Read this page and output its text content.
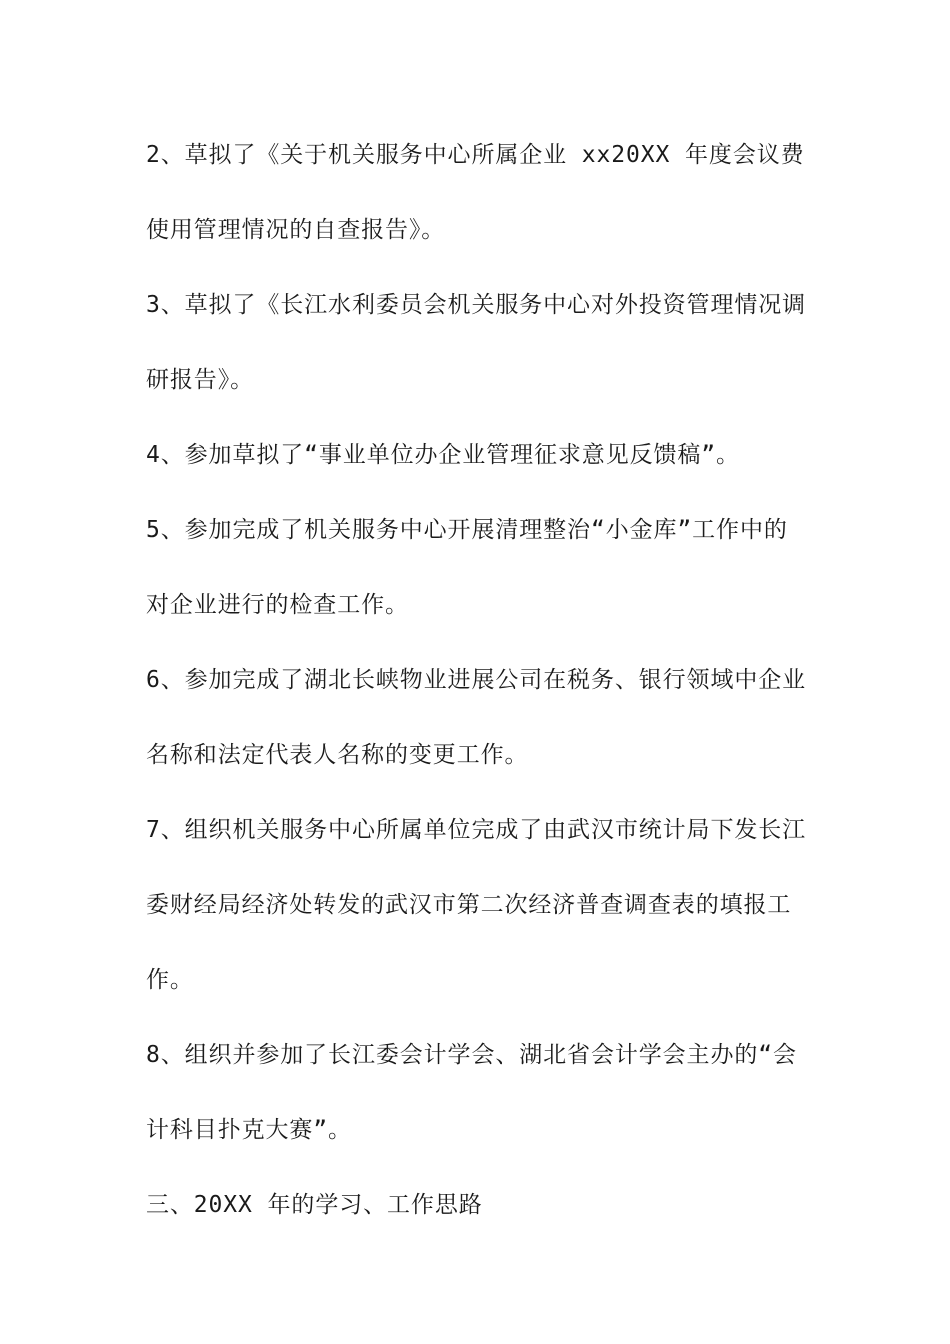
2、草拟了《关于机关服务中心所属企业 xx20XX 年度会议费使用管理情况的自查报告》。

3、草拟了《长江水利委员会机关服务中心对外投资管理情况调研报告》。

4、参加草拟了“事业单位办企业管理征求意见反馈稿”。

5、参加完成了机关服务中心开展清理整治“小金库”工作中的对企业进行的检查工作。

6、参加完成了湖北长峡物业进展公司在税务、银行领域中企业名称和法定代表人名称的变更工作。

7、组织机关服务中心所属单位完成了由武汉市统计局下发长江委财经局经济处转发的武汉市第二次经济普查调查表的填报工作。

8、组织并参加了长江委会计学会、湖北省会计学会主办的“会计科目扑克大赛”。

三、20XX 年的学习、工作思路
